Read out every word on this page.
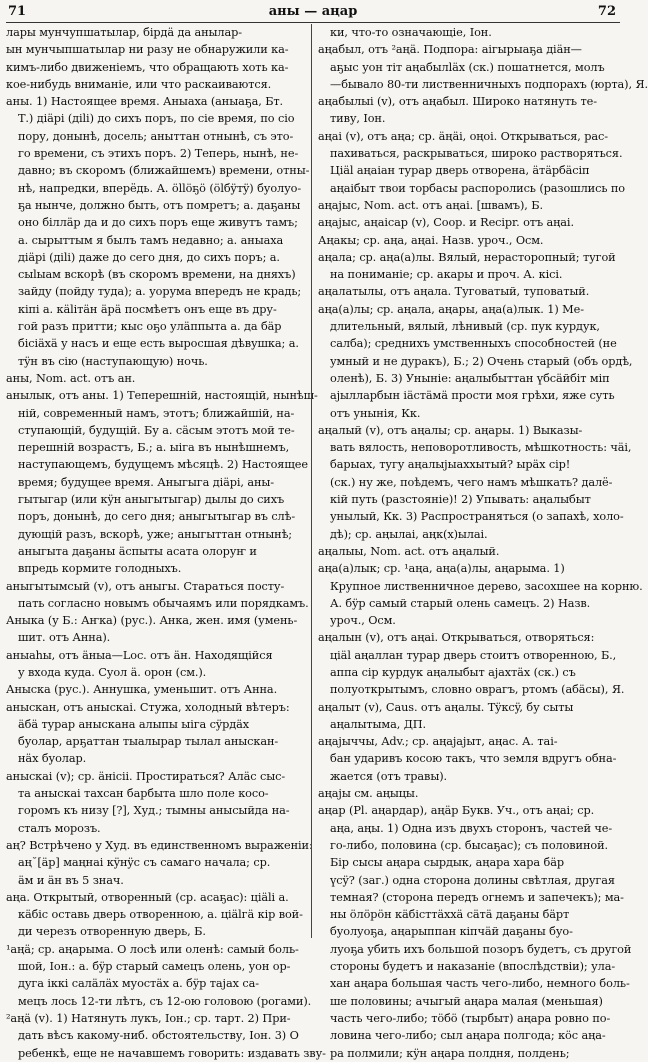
71	аны — аңар	72
лары мунчупшатылар, бірдä да анылар-
ын мунчыпшатылар ни разу не обнаружили ка-
кимъ-либо движеніемъ, что обращають хоть ка-
кое-нибудь вниманіе, или что раскаиваются.
аны. 1) Настоящее время. Аныаха (аныаҕа, Бт.
Т.) діäрі (діlі) до сихъ поръ, по сіе время, по сіо
пору, донынѣ, досель; аныттан отнынѣ, съ это-
го времени, съ этихъ поръ. 2) Теперь, нынѣ, не-
давно; въ скоромъ (ближайшемъ) времени, отны-
нѣ, напредки, вперёдь. А. öllöҕö (ölбÿтÿ) буолуо-
ҕа нынче, должно быть, отъ помретъ; а. даҕаны
оно біллäр да и до сихъ поръ еще живутъ тамъ;
а. сырыттым я былъ тамъ недавно; а. аныаха
діäрі (діlі) даже до сего дня, до сихъ поръ; а.
сыlыам вскорѣ (въ скоромъ времени, на дняхъ)
зайду (пойду туда); а. уорума впередъ не крадь;
кіпі а. кälітäн äрä посмѣетъ онъ еще въ дру-
гой разъ притти; кыс оҕо улäппыта а. да бäр
бісіäхä у насъ и еще есть выросшая дѣвушка; а.
тÿн въ сію (наступающую) ночь.
аны, Nom. act. отъ ан.
анылык, отъ аны. 1) Теперешній, настоящій, нынѣш-
ній, современный намъ, этотъ; ближайшій, на-
ступающій, будущій. Бу а. сäсым этотъ мой те-
перешній возрастъ, Б.; а. ыіга въ нынѣшнемъ,
наступающемъ, будущемъ мѣсяцѣ. 2) Настоящее
время; будущее время. Аныгыга діäрі, аны-
гытыгар (или кÿн аныгытыгар) дылы до сихъ
поръ, донынѣ, до сего дня; аныгытыгар въ слѣ-
дующій разъ, вскорѣ, уже; аныгыттан отнынѣ;
аныгыта даҕаны äспыты асата олоруҥ и
впредь кормите голодныхъ.
аныгытымсый (v), отъ аныгы. Стараться посту-
пать согласно новымъ обычаямъ или порядкамъ.
Аныка (у Б.: Аҥка) (рус.). Анка, жен. имя (умень-
шит. отъ Анна).
аныаhы, отъ äныа—Loc. отъ äн. Находящійся
у входа куда. Суол ä. орон (см.).
Аныска (рус.). Аннушка, уменьшит. отъ Анна.
аныскан, отъ аныскаі. Стужа, холодный вѣтеръ:
äбä турар аныскана алыпы ыіга сÿрдäх
буолар, арҕаттан тыалырар тылал аныскан-
нäх буолар.
аныскаі (v); ср. äнісіі. Простираться? Алäс сыс-
та аныскаі тахсан барбыта шло поле косо-
горомъ къ низу [?], Худ.; тымны анысыйда на-
сталъ морозъ.
аң? Встрѣчено у Худ. въ единственномъ выраженіи:
аң˘[äр] маңнаі кÿнÿс съ самаго начала; ср.
äм и äн въ 5 знач.
аңа. Открытый, отворенный (ср. асаҕас): ціälі а.
кäбіс оставь дверь отворенною, а. ціälгä кір вой-
ди черезъ отворенную дверь, Б.
¹аңä; ср. аңарыма. О лосѣ или оленѣ: самый боль-
шой, Іон.: а. бÿр старый самецъ олень, уон ор-
дуга іккі салäлäх муостäх а. бÿр тајах са-
мецъ лось 12-ти лѣтъ, съ 12-ою головою (рогами).
²аңä (v). 1) Натянуть лукъ, Іон.; ср. тарт. 2) При-
дать вѣсъ какому-ниб. обстоятельству, Іон. 3) О
ребенкѣ, еще не начавшемъ говорить: издавать зву-
ки, что-то означающіе, Іон.
аңабыл, отъ ²аңä. Подпора: аігырыаҕа діäн—
аҕыс уон тіт аңабылläх (ск.) пошатнется, молъ
—бывало 80-ти лиственничныхъ подпорахъ (юрта), Я.
аңабылыі (v), отъ аңабыл. Широко натянуть те-
тиву, Іон.
аңаі (v), отъ аңа; ср. äңäі, оңоі. Открываться, рас-
пахиваться, раскрываться, широко растворяться.
Ціäl аңаіан турар дверь отворена, äтäрбäсіп
аңаібыт твои торбасы распоролись (разошлись по
аңајыс, Nom. act. отъ аңаі. [швамъ), Б.
аңајыс, аңаісар (v), Coop. и Recipr. отъ аңаі.
Аңакы; ср. аңа, аңаі. Назв. уроч., Осм.
аңала; ср. аңа(а)лы. Вялый, нерасторопный; тугой
на пониманіе; ср. акары и проч. А. кісі.
аңалатылы, отъ аңала. Туговатый, туповатый.
аңа(а)лы; ср. аңала, аңары, аңа(а)лык. 1) Ме-
длительный, вялый, лѣнивый (ср. пук курдук,
салба); среднихъ умственныхъ способностей (не
умный и не дуракъ), Б.; 2) Очень старый (объ ордѣ,
оленѣ), Б. 3) Уныніе: аңалыбыттан үбсäйбіт міп
аjылларбын іäстäмä прости моя грѣхи, яже суть
отъ унынія, Кк.
аңалый (v), отъ аңалы; ср. аңары. 1) Выказы-
вать вялость, неповоротливость, мѣшкотность: чäі,
барыах, тугу аңалыјыаххытый? ырäх сір!
(ск.) ну же, поѣдемъ, чего намъ мѣшкать? далё-
кій путь (разстояніе)! 2) Упывать: аңалыбыт
унылый, Кк. 3) Распространяться (о запахѣ, холо-
дѣ); ср. аңылаі, аңк(х)ылаі.
аңалыы, Nom. act. отъ аңалый.
аңа(а)лык; ср. ¹аңа, аңа(а)лы, аңарыма. 1)
Крупное лиственничное дерево, засохшее на корню.
А. бÿр самый старый олень самецъ. 2) Назв.
уроч., Осм.
аңалын (v), отъ аңаі. Открываться, отворяться:
ціäl аңаллан турар дверь стоитъ отворенною, Б.,
аппа сір курдук аңалыбыт аjахтäх (ск.) съ
полуоткрытымъ, словно оврагъ, ртомъ (абäсы), Я.
аңалыт (v), Caus. отъ аңалы. Тÿксÿ, бу сыты
аңалытыма, ДП.
аңајыччы, Adv.; ср. аңаjајыт, аңас. А. таі-
бан ударивъ косою такъ, что земля вдругъ обна-
жается (отъ травы).
аңајы см. аңыцы.
аңар (Pl. аңардар), аңäр Букв. Уч., отъ аңаі; ср.
аңа, аңы. 1) Одна изъ двухъ сторонъ, частей че-
го-либо, половина (ср. бысаҕас); съ половиной.
Бір сысы аңара сырдык, аңара хара бäр
үсÿ? (заг.) одна сторона долины свѣтлая, другая
темная? (сторона передъ огнемъ и запечекъ); ма-
ны öлöрöн кäбісттäххä сäтä даҕаны бäрт
буолуоҕа, аңарыппан кіпчäй даҕаны буо-
луоҕа убить ихъ большой позоръ будетъ, съ другой
стороны будетъ и наказаніе (впослѣдствіи); ула-
хан аңара большая часть чего-либо, немного боль-
ше половины; ачыгый аңара малая (меньшая)
часть чего-либо; тöбö (тырбыт) аңара ровно по-
ловина чего-либо; сыл аңара полгода; кöс аңа-
ра полмили; кÿн аңара полдня, полдень;
